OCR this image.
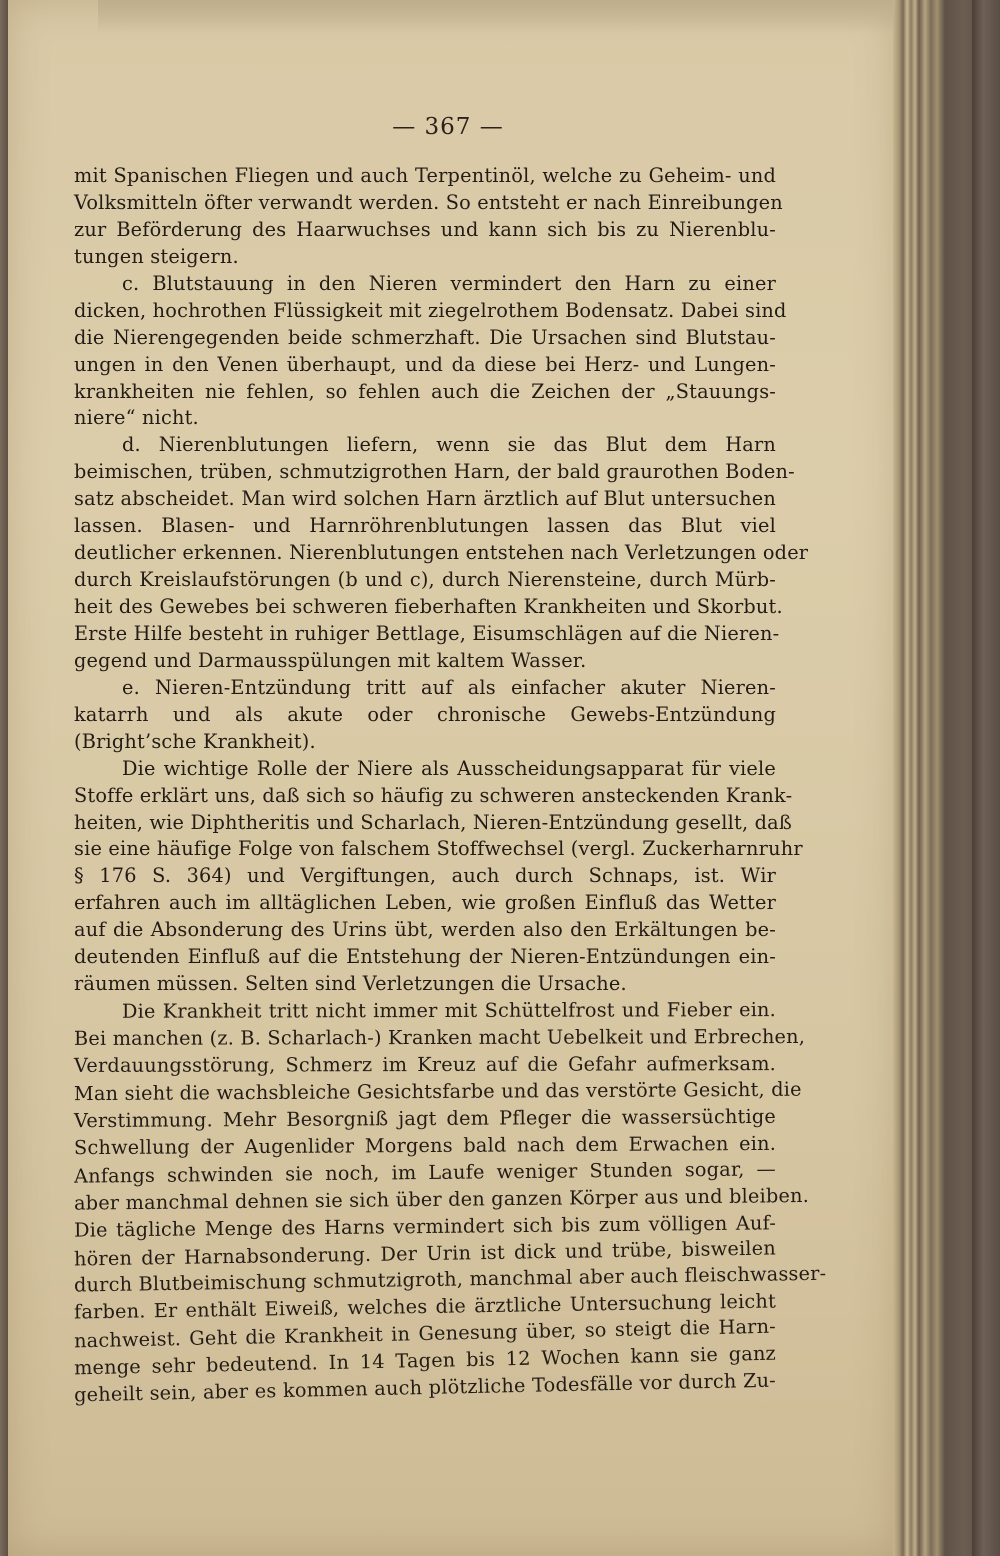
— 367 —
mit Spanischen Fliegen und auch Terpentinöl, welche zu Geheim- und
Volksmitteln öfter verwandt werden. So entsteht er nach Einreibungen
zur Beförderung des Haarwuchses und kann sich bis zu Nierenblu-
tungen steigern.
c. Blutstauung in den Nieren vermindert den Harn zu einer
dicken, hochrothen Flüssigkeit mit ziegelrothem Bodensatz. Dabei sind
die Nierengegenden beide schmerzhaft. Die Ursachen sind Blutstau-
ungen in den Venen überhaupt, und da diese bei Herz- und Lungen-
krankheiten nie fehlen, so fehlen auch die Zeichen der „Stauungs-
niere“ nicht.
d. Nierenblutungen liefern, wenn sie das Blut dem Harn
beimischen, trüben, schmutzigrothen Harn, der bald graurothen Boden-
satz abscheidet. Man wird solchen Harn ärztlich auf Blut untersuchen
lassen. Blasen- und Harnröhrenblutungen lassen das Blut viel
deutlicher erkennen. Nierenblutungen entstehen nach Verletzungen oder
durch Kreislaufstörungen (b und c), durch Nierensteine, durch Mürb-
heit des Gewebes bei schweren fieberhaften Krankheiten und Skorbut.
Erste Hilfe besteht in ruhiger Bettlage, Eisumschlägen auf die Nieren-
gegend und Darmausspülungen mit kaltem Wasser.
e. Nieren-Entzündung tritt auf als einfacher akuter Nieren-
katarrh und als akute oder chronische Gewebs-Entzündung
(Bright’sche Krankheit).
Die wichtige Rolle der Niere als Ausscheidungsapparat für viele
Stoffe erklärt uns, daß sich so häufig zu schweren ansteckenden Krank-
heiten, wie Diphtheritis und Scharlach, Nieren-Entzündung gesellt, daß
sie eine häufige Folge von falschem Stoffwechsel (vergl. Zuckerharnruhr
§ 176 S. 364) und Vergiftungen, auch durch Schnaps, ist. Wir
erfahren auch im alltäglichen Leben, wie großen Einfluß das Wetter
auf die Absonderung des Urins übt, werden also den Erkältungen be-
deutenden Einfluß auf die Entstehung der Nieren-Entzündungen ein-
räumen müssen. Selten sind Verletzungen die Ursache.
Die Krankheit tritt nicht immer mit Schüttelfrost und Fieber ein.
Bei manchen (z. B. Scharlach-) Kranken macht Uebelkeit und Erbrechen,
Verdauungsstörung, Schmerz im Kreuz auf die Gefahr aufmerksam.
Man sieht die wachsbleiche Gesichtsfarbe und das verstörte Gesicht, die
Verstimmung. Mehr Besorgniß jagt dem Pfleger die wassersüchtige
Schwellung der Augenlider Morgens bald nach dem Erwachen ein.
Anfangs schwinden sie noch, im Laufe weniger Stunden sogar, —
aber manchmal dehnen sie sich über den ganzen Körper aus und bleiben.
Die tägliche Menge des Harns vermindert sich bis zum völligen Auf-
hören der Harnabsonderung. Der Urin ist dick und trübe, bisweilen
durch Blutbeimischung schmutzigroth, manchmal aber auch fleischwasser-
farben. Er enthält Eiweiß, welches die ärztliche Untersuchung leicht
nachweist. Geht die Krankheit in Genesung über, so steigt die Harn-
menge sehr bedeutend. In 14 Tagen bis 12 Wochen kann sie ganz
geheilt sein, aber es kommen auch plötzliche Todesfälle vor durch Zu-
